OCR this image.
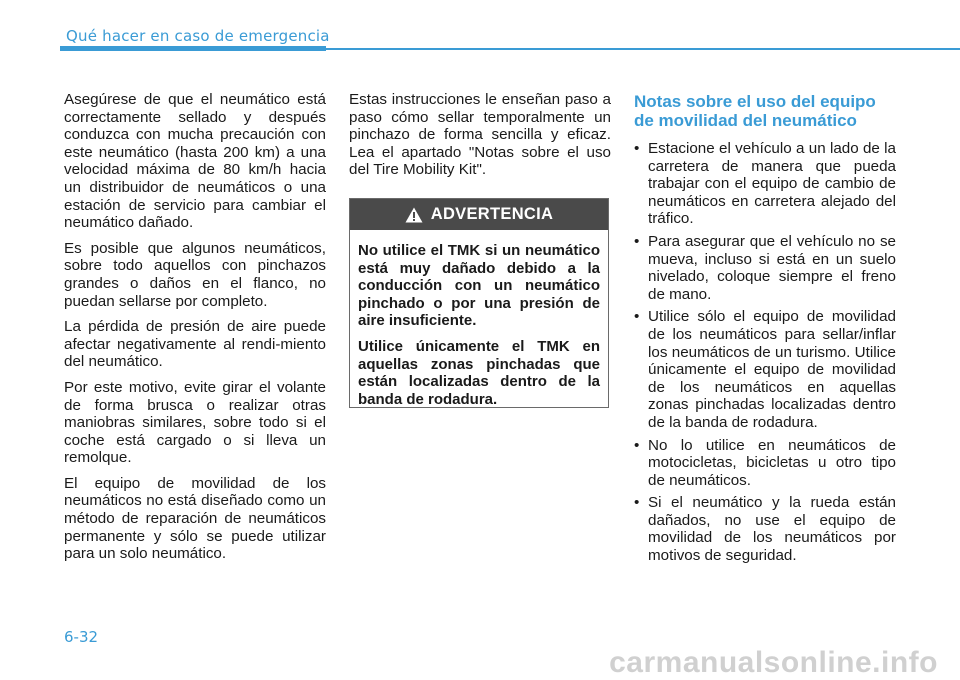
Qué hacer en caso de emergencia

Asegúrese de que el neumático está correctamente sellado y después conduzca con mucha precaución con este neumático (hasta 200 km) a una velocidad máxima de 80 km/h hacia un distribuidor de neumáticos o una estación de servicio para cambiar el neumático dañado.

Es posible que algunos neumáticos, sobre todo aquellos con pinchazos grandes o daños en el flanco, no puedan sellarse por completo.

La pérdida de presión de aire puede afectar negativamente al rendi-miento del neumático.

Por este motivo, evite girar el volante de forma brusca o realizar otras maniobras similares, sobre todo si el coche está cargado o si lleva un remolque.

El equipo de movilidad de los neumáticos no está diseñado como un método de reparación de neumáticos permanente y sólo se puede utilizar para un solo neumático.

Estas instrucciones le enseñan paso a paso cómo sellar temporalmente un pinchazo de forma sencilla y eficaz. Lea el apartado "Notas sobre el uso del Tire Mobility Kit".

ADVERTENCIA

No utilice el TMK si un neumático está muy dañado debido a la conducción con un neumático pinchado o por una presión de aire insuficiente.

Utilice únicamente el TMK en aquellas zonas pinchadas que están localizadas dentro de la banda de rodadura.

Notas sobre el uso del equipo de movilidad del neumático
• Estacione el vehículo a un lado de la carretera de manera que pueda trabajar con el equipo de cambio de neumáticos en carretera alejado del tráfico.
• Para asegurar que el vehículo no se mueva, incluso si está en un suelo nivelado, coloque siempre el freno de mano.
• Utilice sólo el equipo de movilidad de los neumáticos para sellar/inflar los neumáticos de un turismo. Utilice únicamente el equipo de movilidad de los neumáticos en aquellas zonas pinchadas localizadas dentro de la banda de rodadura.
• No lo utilice en neumáticos de motocicletas, bicicletas u otro tipo de neumáticos.
• Si el neumático y la rueda están dañados, no use el equipo de movilidad de los neumáticos por motivos de seguridad.
6-32
carmanualsonline.info
